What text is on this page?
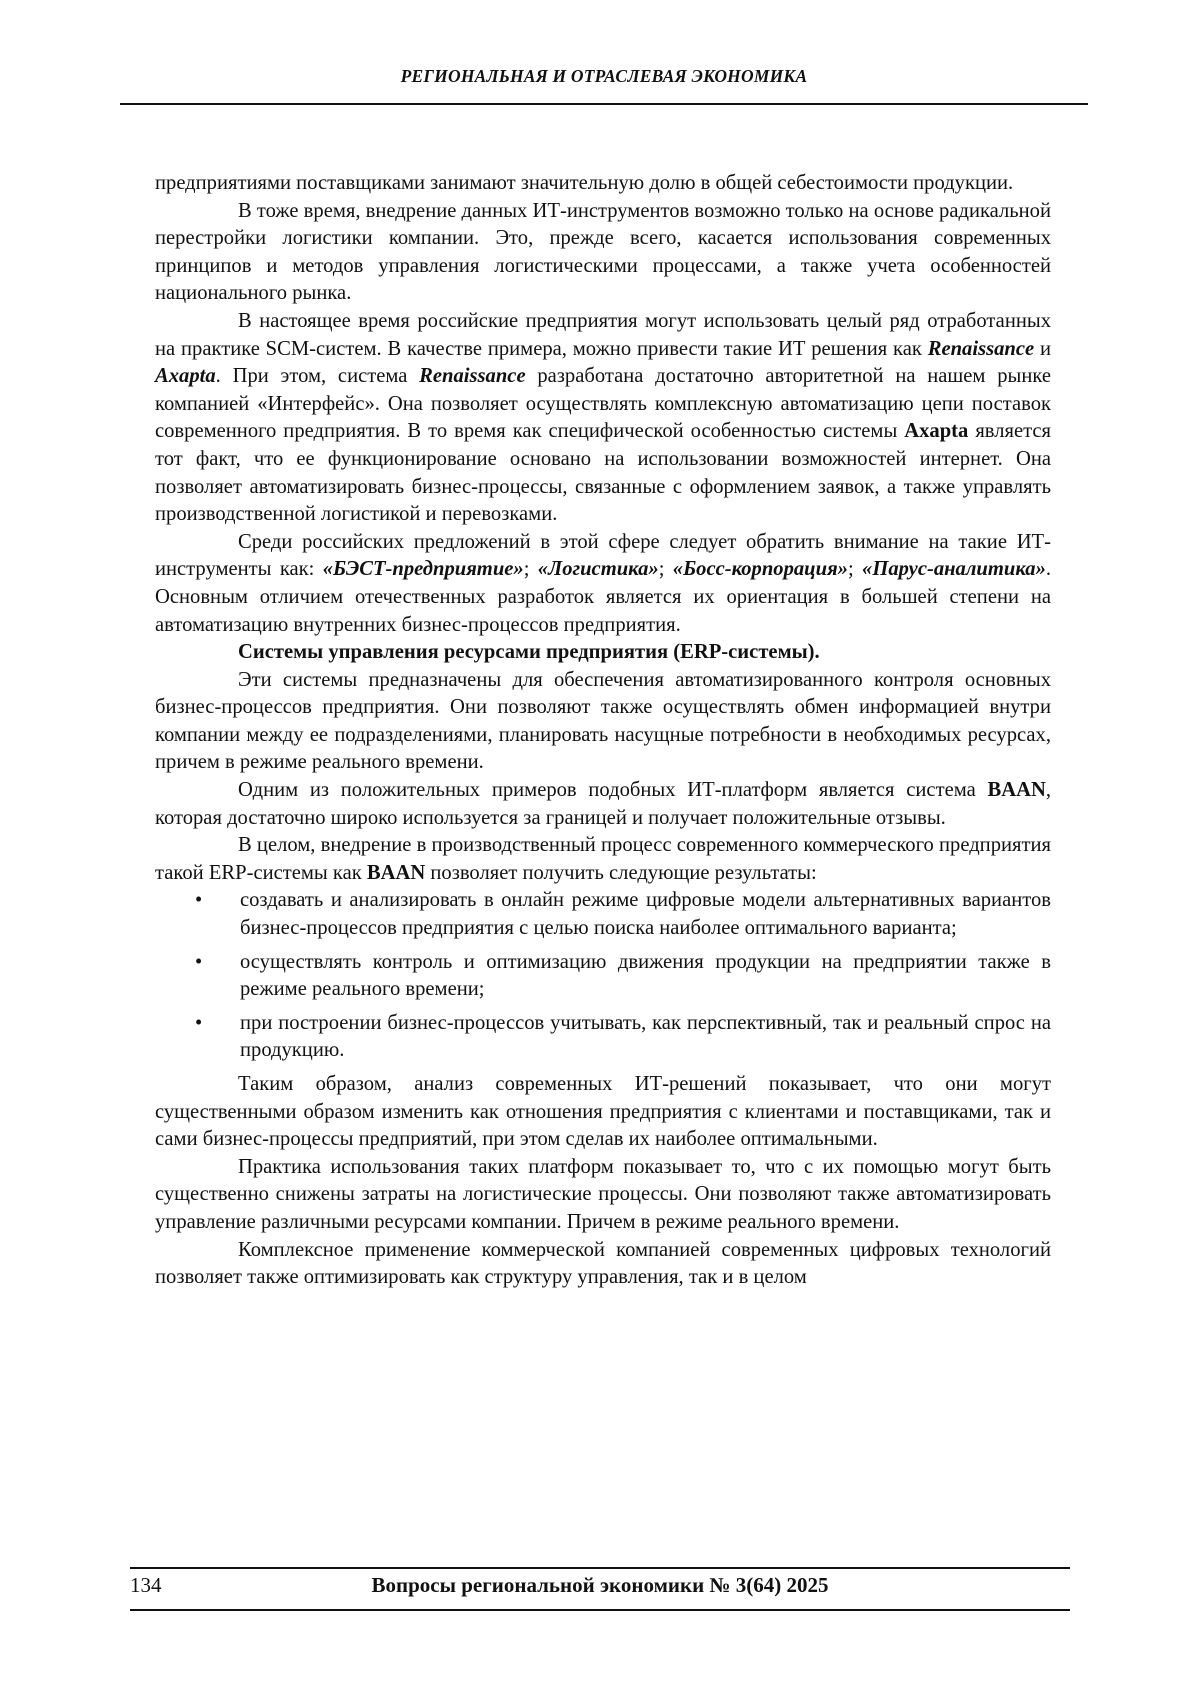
РЕГИОНАЛЬНАЯ И ОТРАСЛЕВАЯ ЭКОНОМИКА

предприятиями поставщиками занимают значительную долю в общей себестоимости продукции.

В тоже время, внедрение данных ИТ-инструментов возможно только на основе радикальной перестройки логистики компании. Это, прежде всего, касается использования современных принципов и методов управления логистическими процессами, а также учета особенностей национального рынка.

В настоящее время российские предприятия могут использовать целый ряд отработанных на практике SCM-систем. В качестве примера, можно привести такие ИТ решения как Renaissance и Axapta. При этом, система Renaissance разработана достаточно авторитетной на нашем рынке компанией «Интерфейс». Она позволяет осуществлять комплексную автоматизацию цепи поставок современного предприятия. В то время как специфической особенностью системы Axapta является тот факт, что ее функционирование основано на использовании возможностей интернет. Она позволяет автоматизировать бизнес-процессы, связанные с оформлением заявок, а также управлять производственной логистикой и перевозками.

Среди российских предложений в этой сфере следует обратить внимание на такие ИТ-инструменты как: «БЭСТ-предприятие»; «Логистика»; «Босс-корпорация»; «Парус-аналитика». Основным отличием отечественных разработок является их ориентация в большей степени на автоматизацию внутренних бизнес-процессов предприятия.

Системы управления ресурсами предприятия (ERP-системы).

Эти системы предназначены для обеспечения автоматизированного контроля основных бизнес-процессов предприятия. Они позволяют также осуществлять обмен информацией внутри компании между ее подразделениями, планировать насущные потребности в необходимых ресурсах, причем в режиме реального времени.

Одним из положительных примеров подобных ИТ-платформ является система BAAN, которая достаточно широко используется за границей и получает положительные отзывы.

В целом, внедрение в производственный процесс современного коммерческого предприятия такой ERP-системы как BAAN позволяет получить следующие результаты:

• создавать и анализировать в онлайн режиме цифровые модели альтернативных вариантов бизнес-процессов предприятия с целью поиска наиболее оптимального варианта;
• осуществлять контроль и оптимизацию движения продукции на предприятии также в режиме реального времени;
• при построении бизнес-процессов учитывать, как перспективный, так и реальный спрос на продукцию.

Таким образом, анализ современных ИТ-решений показывает, что они могут существенными образом изменить как отношения предприятия с клиентами и поставщиками, так и сами бизнес-процессы предприятий, при этом сделав их наиболее оптимальными.

Практика использования таких платформ показывает то, что с их помощью могут быть существенно снижены затраты на логистические процессы. Они позволяют также автоматизировать управление различными ресурсами компании. Причем в режиме реального времени.

Комплексное применение коммерческой компанией современных цифровых технологий позволяет также оптимизировать как структуру управления, так и в целом

134	Вопросы региональной экономики № 3(64) 2025
